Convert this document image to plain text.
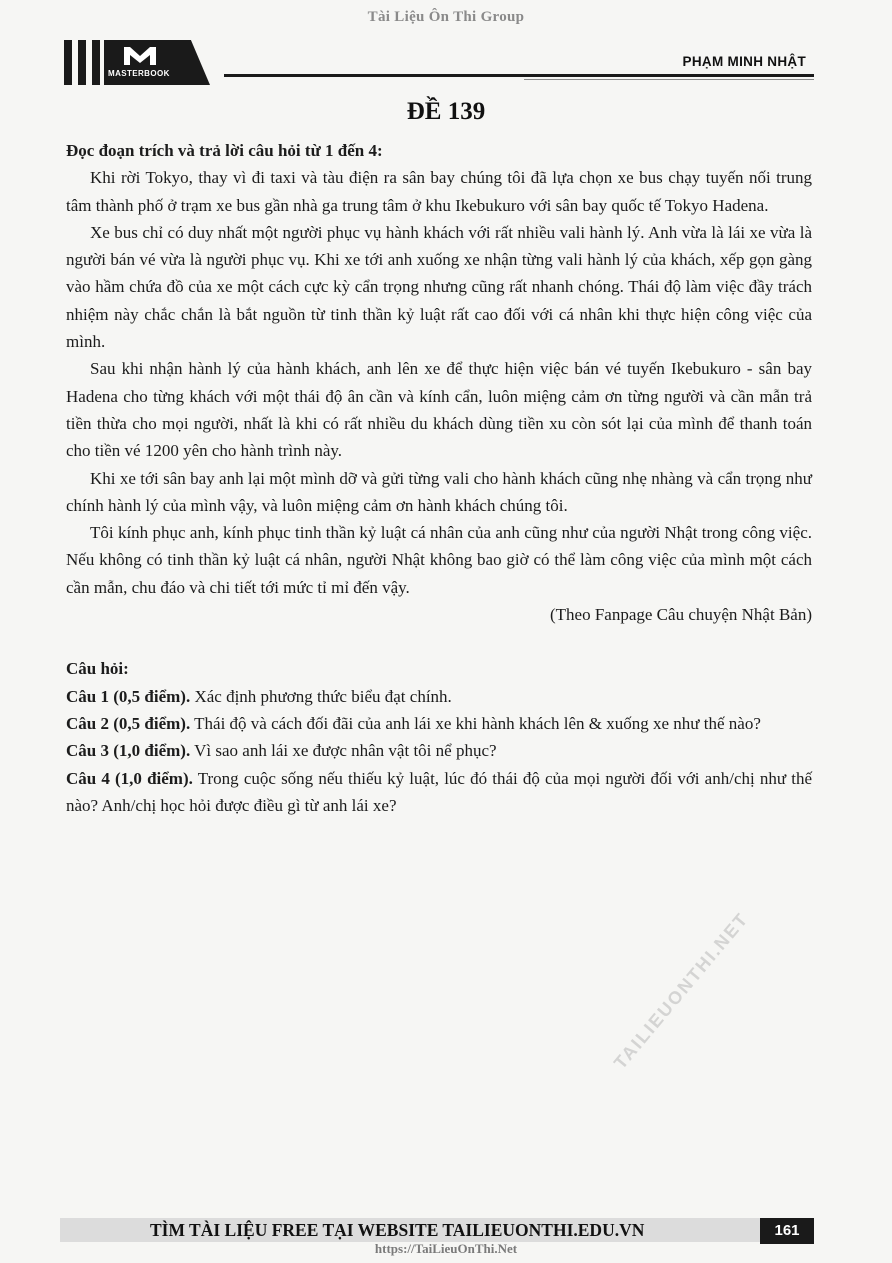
Tài Liệu Ôn Thi Group
MASTERBOOK
PHẠM MINH NHẬT
ĐỀ 139

Đọc đoạn trích và trả lời câu hỏi từ 1 đến 4:

Khi rời Tokyo, thay vì đi taxi và tàu điện ra sân bay chúng tôi đã lựa chọn xe bus chạy tuyến nối trung tâm thành phố ở trạm xe bus gần nhà ga trung tâm ở khu Ikebukuro với sân bay quốc tế Tokyo Hadena.

Xe bus chỉ có duy nhất một người phục vụ hành khách với rất nhiều vali hành lý. Anh vừa là lái xe vừa là người bán vé vừa là người phục vụ. Khi xe tới anh xuống xe nhận từng vali hành lý của khách, xếp gọn gàng vào hầm chứa đồ của xe một cách cực kỳ cẩn trọng nhưng cũng rất nhanh chóng. Thái độ làm việc đầy trách nhiệm này chắc chắn là bắt nguồn từ tinh thần kỷ luật rất cao đối với cá nhân khi thực hiện công việc của mình.

Sau khi nhận hành lý của hành khách, anh lên xe để thực hiện việc bán vé tuyến Ikebukuro - sân bay Hadena cho từng khách với một thái độ ân cần và kính cẩn, luôn miệng cảm ơn từng người và cần mẫn trả tiền thừa cho mọi người, nhất là khi có rất nhiều du khách dùng tiền xu còn sót lại của mình để thanh toán cho tiền vé 1200 yên cho hành trình này.

Khi xe tới sân bay anh lại một mình dỡ và gửi từng vali cho hành khách cũng nhẹ nhàng và cẩn trọng như chính hành lý của mình vậy, và luôn miệng cảm ơn hành khách chúng tôi.

Tôi kính phục anh, kính phục tinh thần kỷ luật cá nhân của anh cũng như của người Nhật trong công việc. Nếu không có tinh thần kỷ luật cá nhân, người Nhật không bao giờ có thể làm công việc của mình một cách cần mẫn, chu đáo và chi tiết tới mức tỉ mỉ đến vậy.

(Theo Fanpage Câu chuyện Nhật Bản)

Câu hỏi:

Câu 1 (0,5 điểm). Xác định phương thức biểu đạt chính.

Câu 2 (0,5 điểm). Thái độ và cách đối đãi của anh lái xe khi hành khách lên & xuống xe như thế nào?

Câu 3 (1,0 điểm). Vì sao anh lái xe được nhân vật tôi nể phục?

Câu 4 (1,0 điểm). Trong cuộc sống nếu thiếu kỷ luật, lúc đó thái độ của mọi người đối với anh/chị như thế nào? Anh/chị học hỏi được điều gì từ anh lái xe?

TAILIEUONTHI.NET
TÌM TÀI LIỆU FREE TẠI WEBSITE TAILIEUONTHI.EDU.VN	161
https://TaiLieuOnThi.Net
